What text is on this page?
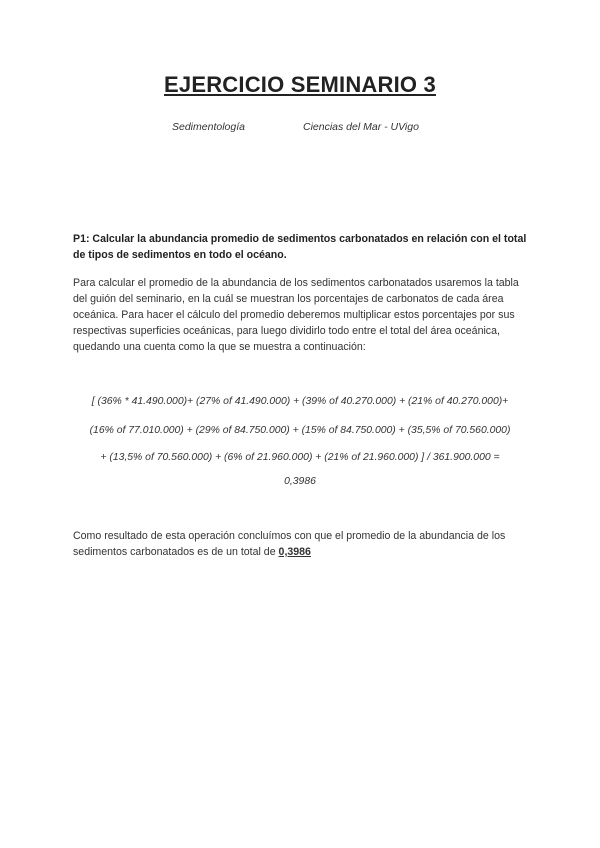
EJERCICIO SEMINARIO 3
Sedimentología	Ciencias del Mar - UVigo
P1: Calcular la abundancia promedio de sedimentos carbonatados en relación con el total de tipos de sedimentos en todo el océano.
Para calcular el promedio de la abundancia de los sedimentos carbonatados usaremos la tabla del guión del seminario, en la cuál se muestran los porcentajes de carbonatos de cada área oceánica. Para hacer el cálculo del promedio deberemos multiplicar estos porcentajes por sus respectivas superficies oceánicas, para luego dividirlo todo entre el total del área oceánica, quedando una cuenta como la que se muestra a continuación:
[ (36% * 41.490.000)+ (27% of 41.490.000) + (39% of 40.270.000) + (21% of 40.270.000)+
(16% of 77.010.000) + (29% of 84.750.000) + (15% of 84.750.000) + (35,5% of 70.560.000)
+ (13,5% of 70.560.000) + (6% of 21.960.000) + (21% of 21.960.000) ] / 361.900.000 =
0,3986
Como resultado de esta operación concluímos con que el promedio de la abundancia de los sedimentos carbonatados es de un total de 0,3986
